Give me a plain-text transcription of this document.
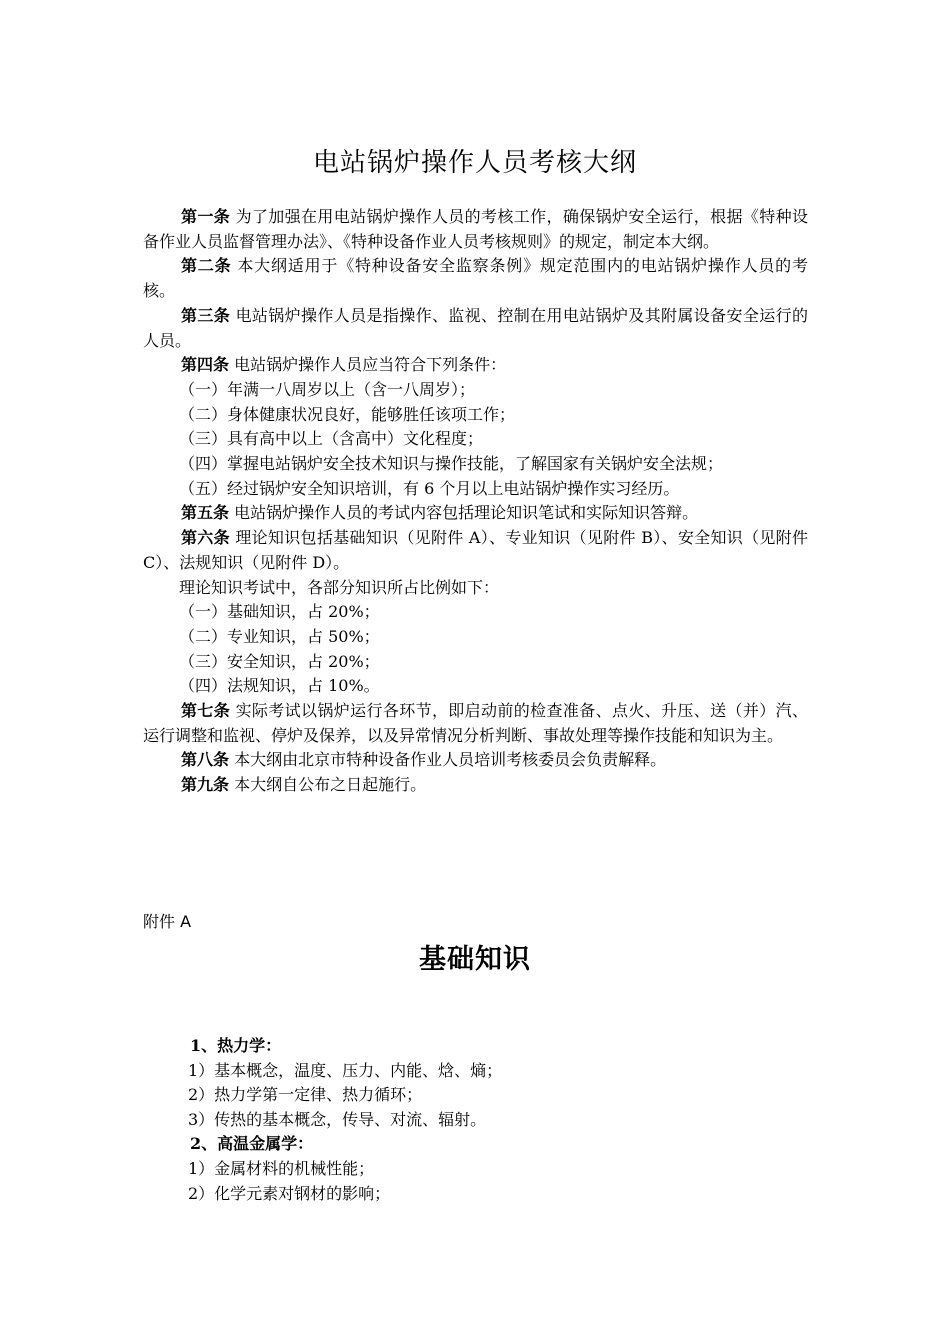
电站锅炉操作人员考核大纲

第一条 为了加强在用电站锅炉操作人员的考核工作，确保锅炉安全运行，根据《特种设备作业人员监督管理办法》、《特种设备作业人员考核规则》的规定，制定本大纲。

第二条 本大纲适用于《特种设备安全监察条例》规定范围内的电站锅炉操作人员的考核。

第三条 电站锅炉操作人员是指操作、监视、控制在用电站锅炉及其附属设备安全运行的人员。

第四条 电站锅炉操作人员应当符合下列条件：

（一）年满一八周岁以上（含一八周岁）；

（二）身体健康状况良好，能够胜任该项工作；

（三）具有高中以上（含高中）文化程度；

（四）掌握电站锅炉安全技术知识与操作技能，了解国家有关锅炉安全法规；

（五）经过锅炉安全知识培训，有 6 个月以上电站锅炉操作实习经历。

第五条 电站锅炉操作人员的考试内容包括理论知识笔试和实际知识答辩。

第六条 理论知识包括基础知识（见附件 A）、专业知识（见附件 B）、安全知识（见附件 C）、法规知识（见附件 D）。

理论知识考试中，各部分知识所占比例如下：

（一）基础知识，占 20%；

（二）专业知识，占 50%；

（三）安全知识，占 20%；

（四）法规知识，占 10%。

第七条 实际考试以锅炉运行各环节，即启动前的检查准备、点火、升压、送（并）汽、运行调整和监视、停炉及保养，以及异常情况分析判断、事故处理等操作技能和知识为主。

第八条 本大纲由北京市特种设备作业人员培训考核委员会负责解释。

第九条 本大纲自公布之日起施行。

附件 A
基础知识

1、热力学：

1）基本概念，温度、压力、内能、焓、熵；

2）热力学第一定律、热力循环；

3）传热的基本概念，传导、对流、辐射。

2、高温金属学：

1）金属材料的机械性能；

2）化学元素对钢材的影响；
